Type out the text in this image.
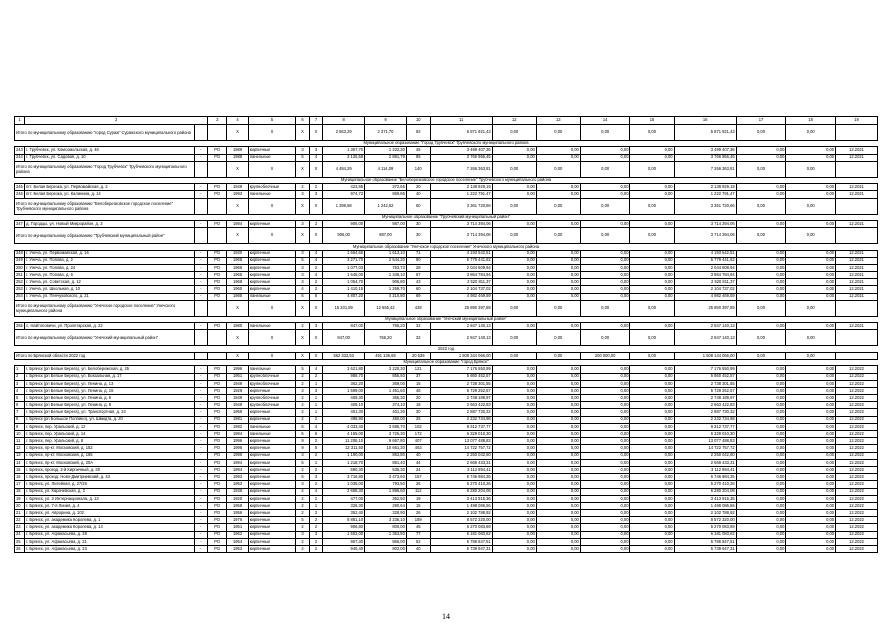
1	2		3	4	5	6	7	8	9	10	11	12	13	14	15	16	17	18	19
Итого по муниципальному образованию "город Сураж" Суражского муниципального района				X	X	X	X	2 563,29	2 371,70	92	5 871 921,43	0,00	0,00	0,00	0,00	5 871 921,43	0,00	0,00	
Муниципальное образование "Город Трубчевск" Трубчевского муниципального района																			
243	г. Трубчевск, ул. Комсомольская, д. 46	-	РО	1989	кирпичные	3	3	1 357,70	1 232,30	45	3 499 407,36	0,00	0,00	0,00	0,00	3 499 407,36	0,00	0,00	12.2021
244	г. Трубчевск, ул. Садовая, д. 10	-	РО	1988	панельные	5	4	3 126,59	2 881,79	85	3 766 956,45	0,00	0,00	0,00	0,00	3 766 956,45	0,00	0,00	12.2021
Итого по муниципальному образованию "Город Трубчевск" Трубчевского муниципального района				X	X	X	X	4 484,29	4 114,09	140	7 266 363,81	0,00	0,00	0,00	0,00	7 266 363,81	0,00	0,00	
Муниципальное образование "Белоберезковское городское поселение" Трубчевского муниципального района																			
245	пгт. Белая Березка, ул. Первомайская, д. 2	-	РО	1949	крупноблочные	2	2	423,95	372,66	20	2 138 929,19	0,00	0,00	0,00	0,00	2 138 929,19	0,00	0,00	12.2021
246	пгт. Белая Березка, ул. Калинина, д. 14	-	РО	1993	панельные	3	3	974,73	869,86	40	1 222 791,47	0,00	0,00	0,00	0,00	1 222 791,47	0,00	0,00	12.2021
Итого по муниципальному образованию "Белоберезковское городское поселение" Трубчевского муниципального района				X	X	X	X	1 398,68	1 242,52	60	3 361 720,66	0,00	0,00	0,00	0,00	3 361 720,66	0,00	0,00	
Муниципальное образование "Трубчевский муниципальный район"																			
247	д. Городцы, ул. Новый Микрорайон, д. 3	-	РО	1984	кирпичные	3	2	906,00	887,00	30	3 714 394,06	0,00	0,00	0,00	0,00	3 714 394,06	0,00	0,00	12.2021
Итого по муниципальному образованию "Трубчевский муниципальный район"				X	X	X	X	906,00	887,00	30	3 714 394,06	0,00	0,00	0,00	0,00	3 714 394,06	0,00	0,00	
Муниципальное образование "Унечское городское поселение" Унечского муниципального района																			
248	г. Унеча, ул. Первомайская, д. 16	-	РО	1930	кирпичные	3	4	1 664,66	1 613,10	71	4 193 542,51	0,00	0,00	0,00	0,00	4 193 542,51	0,00	0,00	12.2021
249	г. Унеча, ул. Попова, д. 2	-	РО	1968	кирпичные	5	4	3 271,70	2 544,20	90	5 779 441,62	0,00	0,00	0,00	0,00	5 779 441,62	0,00	0,00	12.2021
250	г. Унеча, ул. Попова, д. 24	-	РО	1966	кирпичные	3	2	1 077,03	763,73	28	2 044 609,94	0,00	0,00	0,00	0,00	2 044 609,94	0,00	0,00	12.2021
251	г. Унеча, ул. Попова, д. 6	-	РО	1965	кирпичные	3	4	1 646,00	1 345,10	67	3 864 784,94	0,00	0,00	0,00	0,00	3 864 784,94	0,00	0,00	12.2021
252	г. Унеча, ул. Советская, д. 12	-	РО	1968	кирпичные	3	2	1 054,70	906,80	43	2 520 811,37	0,00	0,00	0,00	0,00	2 520 811,37	0,00	0,00	12.2021
253	г. Унеча, ул. Школьная, д. 10	-	РО	1960	кирпичные	4	2	1 410,15	1 269,70	60	2 104 737,02	0,00	0,00	0,00	0,00	2 104 737,02	0,00	0,00	12.2021
254	г. Унеча, ул. Пенчуковского, д. 21	-	РО	1985	панельные	5	6	4 807,20	4 210,80	69	4 982 469,59	0,00	0,00	0,00	0,00	4 982 469,59	0,00	0,00	12.2021
Итого по муниципальному образованию "Унечское городское поселение" Унечского муниципального района				X	X	X	X	15 231,89	12 655,43	428	25 890 397,89	0,00	0,00	0,00	0,00	25 890 397,89	0,00	0,00	
Муниципальное образование "Унечский муниципальный район"																			
255	с. Найтоповичи, ул. Пролетарская, д. 22	-	РО	1980	панельные	2	3	847,00	766,20	32	2 847 140,13	0,00	0,00	0,00	0,00	2 847 140,13	0,00	0,00	12.2021
Итого по муниципальному образованию "Унечский муниципальный район"				X	X	X	X	847,00	766,20	32	2 847 140,13	0,00	0,00	0,00	0,00	2 847 140,13	0,00	0,00	
2022 год																			
Итого по Брянской области 2022 год				X	X	X	X	562 332,53	491 136,69	20 539	1 508 344 066,00	0,00	0,00	200 000,00	0,00	1 508 144 066,00	0,00	0,00	
Муниципальное образование "город Брянск"																			
1	г. Брянск (рп Белые Берега), ул. Белобережская, д. 25	-	РО	1996	панельные	5	4	3 621,80	3 220,30	121	7 176 550,99	0,00	0,00	0,00	0,00	7 176 550,99	0,00	0,00	12.2022
2	г. Брянск (рп Белые Берега), ул. Вокзальная, д. 17	-	РО	1951	крупноблочные	2	2	988,70	855,50	37	5 860 452,57	0,00	0,00	0,00	0,00	5 860 452,57	0,00	0,00	12.2022
3	г. Брянск (рп Белые Берега), ул. Ленина, д. 13	-	РО	1949	крупноблочные	2	1	362,20	369,00	15	2 738 301,55	0,00	0,00	0,00	0,00	2 738 301,55	0,00	0,00	12.2022
4	г. Брянск (рп Белые Берега), ул. Ленина, д. 15	-	РО	1929	кирпичные	3	3	1 599,00	1 451,60	48	5 729 252,57	0,00	0,00	0,00	0,00	5 729 252,57	0,00	0,00	12.2022
5	г. Брянск (рп Белые Берега), ул. Ленина, д. 5	-	РО	1949	крупноблочные	2	1	409,30	366,30	20	2 748 189,97	0,00	0,00	0,00	0,00	2 748 189,97	0,00	0,00	12.2022
6	г. Брянск (рп Белые Берега), ул. Ленина, д. 8	-	РО	1949	крупноблочные	2	1	409,10	374,10	18	2 663 422,83	0,00	0,00	0,00	0,00	2 663 422,83	0,00	0,00	12.2022
7	г. Брянск (рп Белые Берега), ул. Транспортная, д. 24	-	РО	1959	кирпичные	2	1	401,30	401,30	30	2 887 730,32	0,00	0,00	0,00	0,00	2 887 730,32	0,00	0,00	12.2022
8	г. Брянск (рп Большое Полпино), ул. Шмидта, д. 20	-	РО	1981	кирпичные	2	2	498,90	450,00	25	2 232 734,98	0,00	0,00	0,00	0,00	2 232 734,98	0,00	0,00	12.2022
9	г. Брянск, пер. Уральский, д. 12	-	РО	1992	панельные	5	4	4 033,40	3 685,70	102	9 312 737,77	0,00	0,00	0,00	0,00	9 312 737,77	0,00	0,00	12.2022
10	г. Брянск, пер. Уральский, д. 14	-	РО	1994	панельные	5	6	4 155,00	3 726,30	172	6 329 010,30	0,00	0,00	0,00	0,00	6 329 010,30	0,00	0,00	12.2022
11	г. Брянск, пер. Уральский, д. 8	-	РО	1996	кирпичные	9	2	11 206,10	9 667,80	407	13 077 488,83	0,00	0,00	0,00	0,00	13 077 488,83	0,00	0,00	12.2022
12	г. Брянск, пр-кт. Московский, д. 152	-	РО	1996	кирпичные	9	5	12 311,50	10 661,30	463	14 722 757,72	0,00	0,00	0,00	0,00	14 722 757,72	0,00	0,00	12.2022
13	г. Брянск, пр-кт. Московский, д. 165	-	РО	1990	кирпичные	3	2	1 190,00	863,80	40	2 250 042,60	0,00	0,00	0,00	0,00	2 250 042,60	0,00	0,00	12.2022
14	г. Брянск, пр-кт. Московский, д. 20А	-	РО	1994	кирпичные	5	1	1 218,70	881,40	44	2 669 433,31	0,00	0,00	0,00	0,00	2 669 433,31	0,00	0,00	12.2022
15	г. Брянск, проезд. 2-й Кирпичный, д. 30	-	РО	1994	кирпичные	2	2	590,30	535,30	24	3 112 894,41	0,00	0,00	0,00	0,00	3 112 894,41	0,00	0,00	12.2022
16	г. Брянск, проезд. Ново-Дмитриевский, д. 43	-	РО	1993	кирпичные	5	3	3 716,80	3 473,60	157	6 746 984,35	0,00	0,00	0,00	0,00	6 746 984,35	0,00	0,00	12.2022
17	г. Брянск, ул. Литейная, д. 27/26	-	РО	1953	кирпичные	3	2	1 035,00	793,50	26	5 270 410,26	0,00	0,00	0,00	0,00	5 270 410,26	0,00	0,00	12.2022
18	г. Брянск, ул. Карачевская, д. 2	-	РО	1938	кирпичные	4	4	2 658,30	1 895,60	112	6 280 204,08	0,00	0,00	0,00	0,00	6 280 204,08	0,00	0,00	12.2022
19	г. Брянск, ул. 3 Интернационала, д. 13	-	РО	1920	кирпичные	2	2	477,00	352,50	19	3 413 915,36	0,00	0,00	0,00	0,00	3 413 915,36	0,00	0,00	12.2022
20	г. Брянск, ул. 7-я Линия, д. 4	-	РО	1958	кирпичные	2	1	328,30	290,64	15	1 498 086,56	0,00	0,00	0,00	0,00	1 498 086,56	0,00	0,00	12.2022
21	г. Брянск, ул. Аврорина, д. 102	-	РО	1956	кирпичные	2	2	352,40	328,90	26	2 102 788,92	0,00	0,00	0,00	0,00	2 102 788,92	0,00	0,00	12.2022
22	г. Брянск, ул. академика Королева, д. 1	-	РО	1976	кирпичные	5	2	8 881,10	3 236,10	189	8 572 320,00	0,00	0,00	0,00	0,00	8 572 320,00	0,00	0,00	12.2022
23	г. Брянск, ул. академика Королева, д. 14	-	РО	1951	кирпичные	2	2	906,80	800,00	45	5 270 083,89	0,00	0,00	0,00	0,00	5 270 083,89	0,00	0,00	12.2022
24	г. Брянск, ул. Афанасьева, д. 28	-	РО	1962	кирпичные	3	3	1 502,00	1 353,50	77	6 181 083,62	0,00	0,00	0,00	0,00	6 181 083,62	0,00	0,00	12.2022
25	г. Брянск, ул. Афанасьева, д. 21	-	РО	1954	кирпичные	2	2	957,30	866,00	52	5 786 847,51	0,00	0,00	0,00	0,00	5 786 847,51	0,00	0,00	12.2022
26	г. Брянск, ул. Афанасьева, д. 23	-	РО	1953	кирпичные	2	2	945,40	802,00	40	5 739 947,31	0,00	0,00	0,00	0,00	5 739 947,31	0,00	0,00	12.2022
14
